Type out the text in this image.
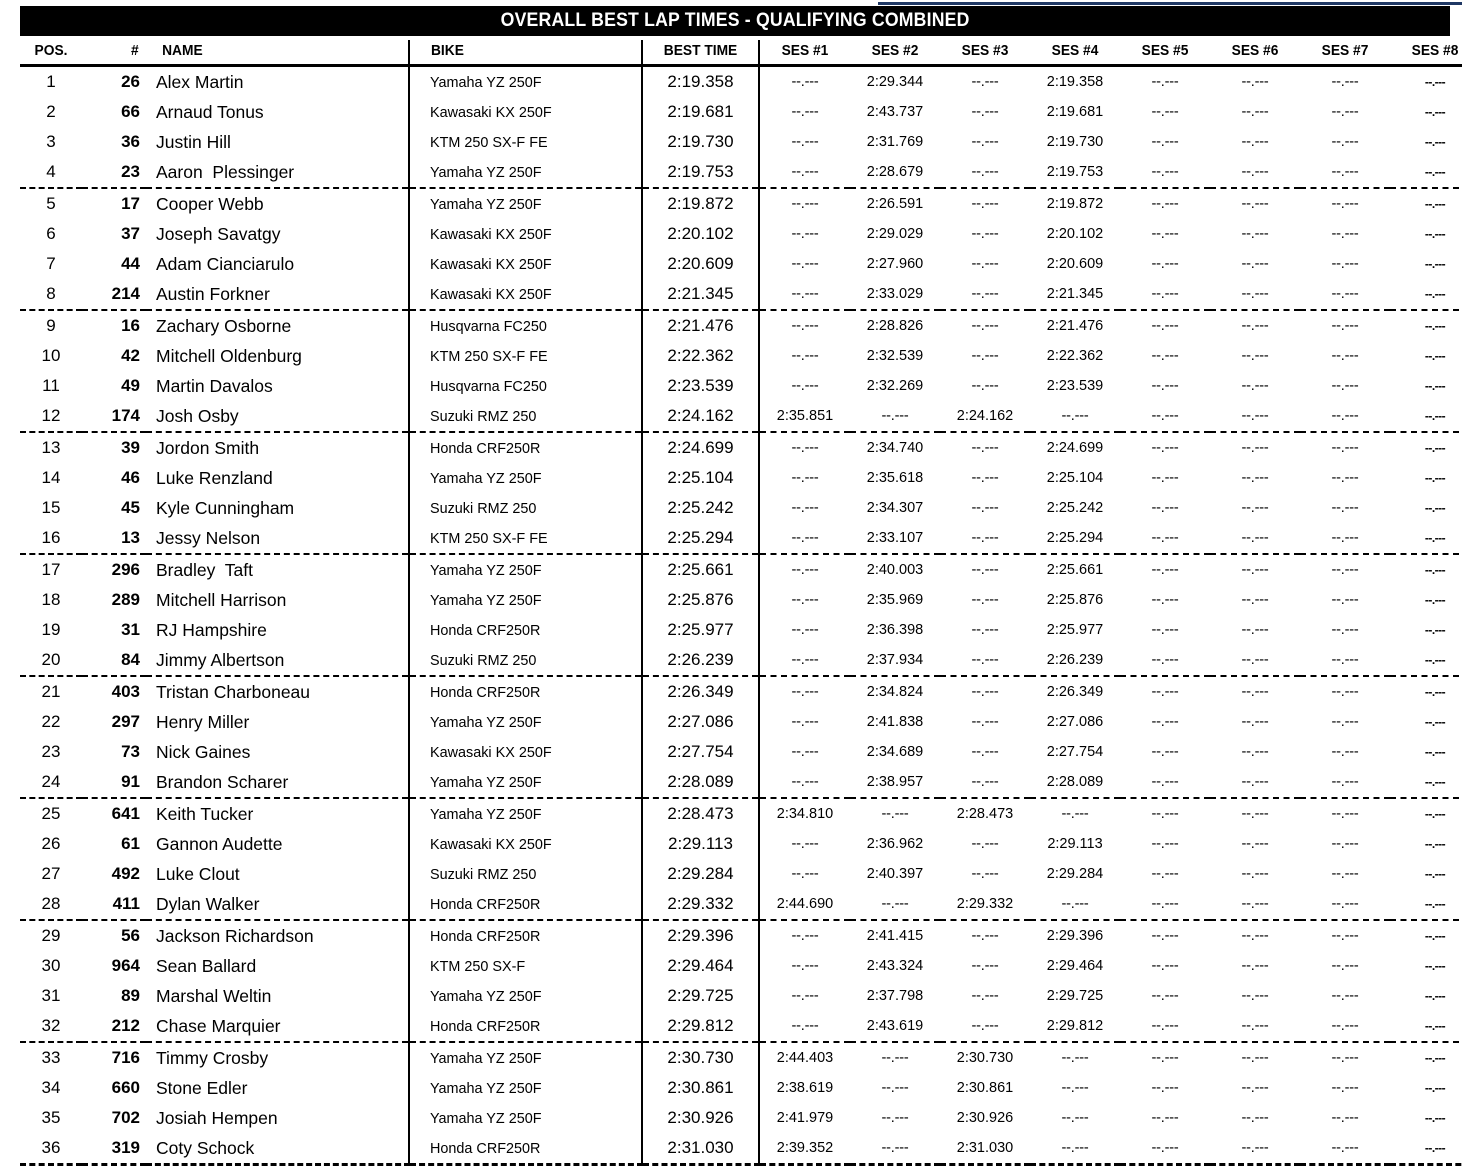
OVERALL BEST LAP TIMES - QUALIFYING COMBINED
POS.	#	NAME	BIKE	BEST TIME	SES #1	SES #2	SES #3	SES #4	SES #5	SES #6	SES #7	SES #8
1	26	Alex Martin	Yamaha YZ 250F	2:19.358	--.---	2:29.344	--.---	2:19.358	--.---	--.---	--.---	--.---
2	66	Arnaud Tonus	Kawasaki KX 250F	2:19.681	--.---	2:43.737	--.---	2:19.681	--.---	--.---	--.---	--.---
3	36	Justin Hill	KTM 250 SX-F FE	2:19.730	--.---	2:31.769	--.---	2:19.730	--.---	--.---	--.---	--.---
4	23	Aaron  Plessinger	Yamaha YZ 250F	2:19.753	--.---	2:28.679	--.---	2:19.753	--.---	--.---	--.---	--.---
5	17	Cooper Webb	Yamaha YZ 250F	2:19.872	--.---	2:26.591	--.---	2:19.872	--.---	--.---	--.---	--.---
6	37	Joseph Savatgy	Kawasaki KX 250F	2:20.102	--.---	2:29.029	--.---	2:20.102	--.---	--.---	--.---	--.---
7	44	Adam Cianciarulo	Kawasaki KX 250F	2:20.609	--.---	2:27.960	--.---	2:20.609	--.---	--.---	--.---	--.---
8	214	Austin Forkner	Kawasaki KX 250F	2:21.345	--.---	2:33.029	--.---	2:21.345	--.---	--.---	--.---	--.---
9	16	Zachary Osborne	Husqvarna FC250	2:21.476	--.---	2:28.826	--.---	2:21.476	--.---	--.---	--.---	--.---
10	42	Mitchell Oldenburg	KTM 250 SX-F FE	2:22.362	--.---	2:32.539	--.---	2:22.362	--.---	--.---	--.---	--.---
11	49	Martin Davalos	Husqvarna FC250	2:23.539	--.---	2:32.269	--.---	2:23.539	--.---	--.---	--.---	--.---
12	174	Josh Osby	Suzuki RMZ 250	2:24.162	2:35.851	--.---	2:24.162	--.---	--.---	--.---	--.---	--.---
13	39	Jordon Smith	Honda CRF250R	2:24.699	--.---	2:34.740	--.---	2:24.699	--.---	--.---	--.---	--.---
14	46	Luke Renzland	Yamaha YZ 250F	2:25.104	--.---	2:35.618	--.---	2:25.104	--.---	--.---	--.---	--.---
15	45	Kyle Cunningham	Suzuki RMZ 250	2:25.242	--.---	2:34.307	--.---	2:25.242	--.---	--.---	--.---	--.---
16	13	Jessy Nelson	KTM 250 SX-F FE	2:25.294	--.---	2:33.107	--.---	2:25.294	--.---	--.---	--.---	--.---
17	296	Bradley  Taft	Yamaha YZ 250F	2:25.661	--.---	2:40.003	--.---	2:25.661	--.---	--.---	--.---	--.---
18	289	Mitchell Harrison	Yamaha YZ 250F	2:25.876	--.---	2:35.969	--.---	2:25.876	--.---	--.---	--.---	--.---
19	31	RJ Hampshire	Honda CRF250R	2:25.977	--.---	2:36.398	--.---	2:25.977	--.---	--.---	--.---	--.---
20	84	Jimmy Albertson	Suzuki RMZ 250	2:26.239	--.---	2:37.934	--.---	2:26.239	--.---	--.---	--.---	--.---
21	403	Tristan Charboneau	Honda CRF250R	2:26.349	--.---	2:34.824	--.---	2:26.349	--.---	--.---	--.---	--.---
22	297	Henry Miller	Yamaha YZ 250F	2:27.086	--.---	2:41.838	--.---	2:27.086	--.---	--.---	--.---	--.---
23	73	Nick Gaines	Kawasaki KX 250F	2:27.754	--.---	2:34.689	--.---	2:27.754	--.---	--.---	--.---	--.---
24	91	Brandon Scharer	Yamaha YZ 250F	2:28.089	--.---	2:38.957	--.---	2:28.089	--.---	--.---	--.---	--.---
25	641	Keith Tucker	Yamaha YZ 250F	2:28.473	2:34.810	--.---	2:28.473	--.---	--.---	--.---	--.---	--.---
26	61	Gannon Audette	Kawasaki KX 250F	2:29.113	--.---	2:36.962	--.---	2:29.113	--.---	--.---	--.---	--.---
27	492	Luke Clout	Suzuki RMZ 250	2:29.284	--.---	2:40.397	--.---	2:29.284	--.---	--.---	--.---	--.---
28	411	Dylan Walker	Honda CRF250R	2:29.332	2:44.690	--.---	2:29.332	--.---	--.---	--.---	--.---	--.---
29	56	Jackson Richardson	Honda CRF250R	2:29.396	--.---	2:41.415	--.---	2:29.396	--.---	--.---	--.---	--.---
30	964	Sean Ballard	KTM 250 SX-F	2:29.464	--.---	2:43.324	--.---	2:29.464	--.---	--.---	--.---	--.---
31	89	Marshal Weltin	Yamaha YZ 250F	2:29.725	--.---	2:37.798	--.---	2:29.725	--.---	--.---	--.---	--.---
32	212	Chase Marquier	Honda CRF250R	2:29.812	--.---	2:43.619	--.---	2:29.812	--.---	--.---	--.---	--.---
33	716	Timmy Crosby	Yamaha YZ 250F	2:30.730	2:44.403	--.---	2:30.730	--.---	--.---	--.---	--.---	--.---
34	660	Stone Edler	Yamaha YZ 250F	2:30.861	2:38.619	--.---	2:30.861	--.---	--.---	--.---	--.---	--.---
35	702	Josiah Hempen	Yamaha YZ 250F	2:30.926	2:41.979	--.---	2:30.926	--.---	--.---	--.---	--.---	--.---
36	319	Coty Schock	Honda CRF250R	2:31.030	2:39.352	--.---	2:31.030	--.---	--.---	--.---	--.---	--.---
